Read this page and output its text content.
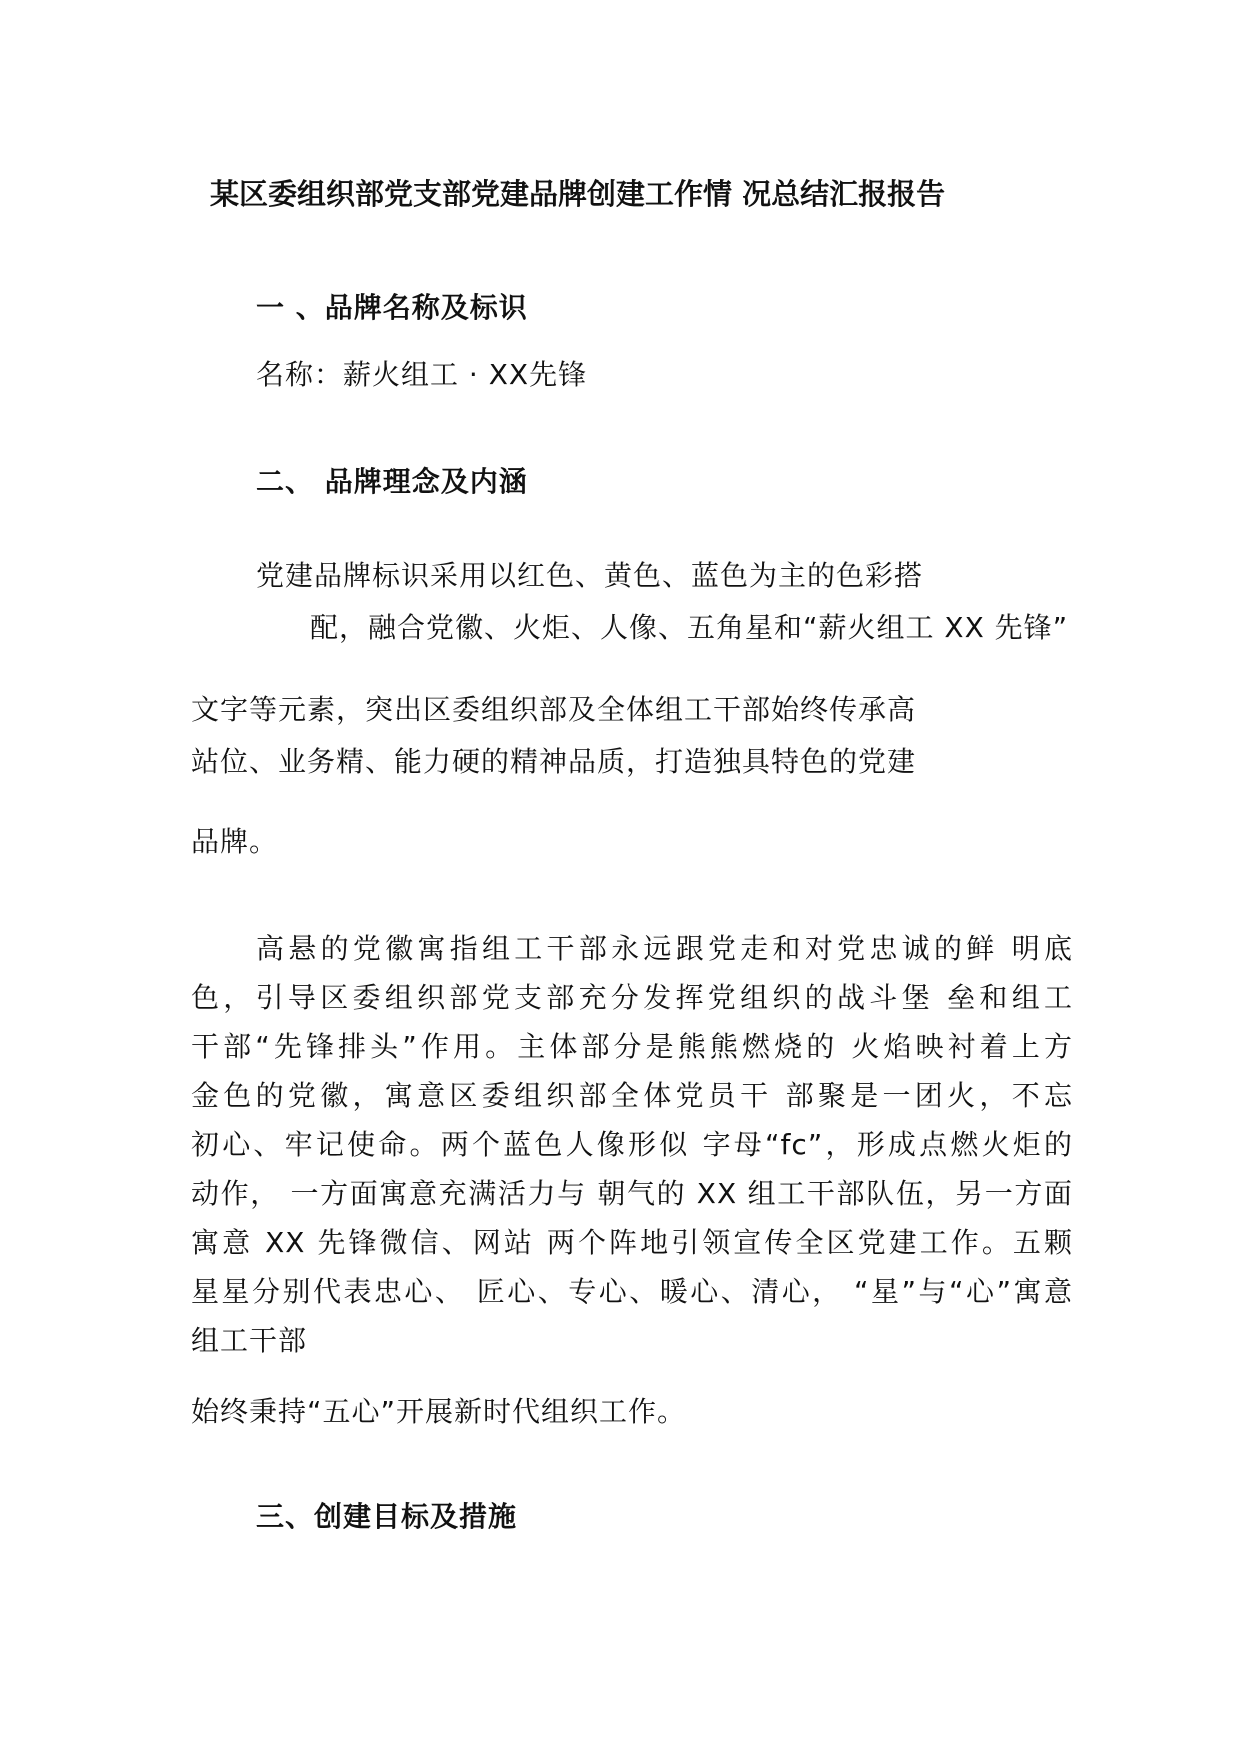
某区委组织部党支部党建品牌创建工作情 况总结汇报报告
一 、品牌名称及标识
名称：薪火组工 · XX先锋
二、 品牌理念及内涵
党建品牌标识采用以红色、黄色、蓝色为主的色彩搭
配，融合党徽、火炬、人像、五角星和“薪火组工 XX 先锋”
文字等元素，突出区委组织部及全体组工干部始终传承高
站位、业务精、能力硬的精神品质，打造独具特色的党建
品牌。
高悬的党徽寓指组工干部永远跟党走和对党忠诚的鲜 明底
色，引导区委组织部党支部充分发挥党组织的战斗堡 垒和组工
干部“先锋排头”作用。主体部分是熊熊燃烧的 火焰映衬着上方
金色的党徽，寓意区委组织部全体党员干 部聚是一团火，不忘
初心、牢记使命。两个蓝色人像形似 字母“fc”，形成点燃火炬的
动作， 一方面寓意充满活力与 朝气的 XX 组工干部队伍，另一方面
寓意 XX 先锋微信、网站 两个阵地引领宣传全区党建工作。五颗
星星分别代表忠心、 匠心、专心、暖心、清心， “星”与“心”寓意
组工干部
始终秉持“五心”开展新时代组织工作。
三、创建目标及措施
